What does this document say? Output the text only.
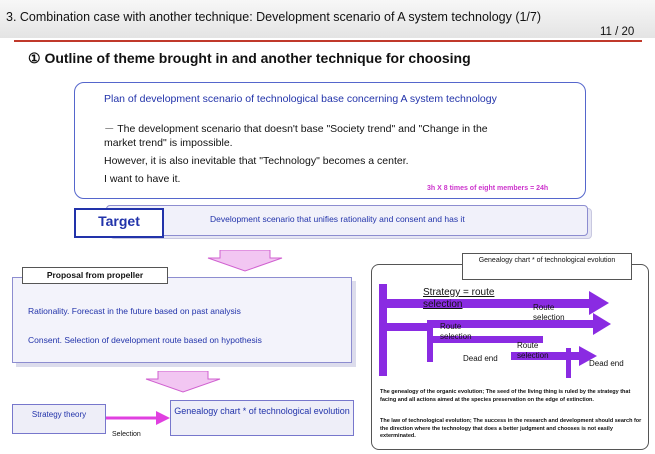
3. Combination case with another technique: Development scenario of A system technology (1/7)
11 / 20
① Outline of theme brought in and another technique for choosing
Plan of development scenario of technological base concerning A system technology
－ The development scenario that doesn't base "Society trend" and "Change in the
market trend" is impossible.
However, it is also inevitable that "Technology" becomes a center.
I want to have it.
3h X 8 times of eight members = 24h
Target	Development scenario that unifies rationality and consent and has it
Proposal from propeller
Rationality. Forecast in the future based on past analysis
Consent. Selection of development route based on hypothesis
Strategy theory
Selection
Genealogy chart * of technological evolution
Genealogy chart * of technological evolution
Strategy = route selection	Route selection
Route selection
Route selection
Dead end
Dead end
The genealogy of the organic evolution; The seed of the living thing is ruled by the strategy that facing and all actions aimed at the species preservation on the edge of extinction.
The law of technological evolution; The success in the research and development should search for the direction where the technology that does a better judgment and chooses is not easily exterminated.
